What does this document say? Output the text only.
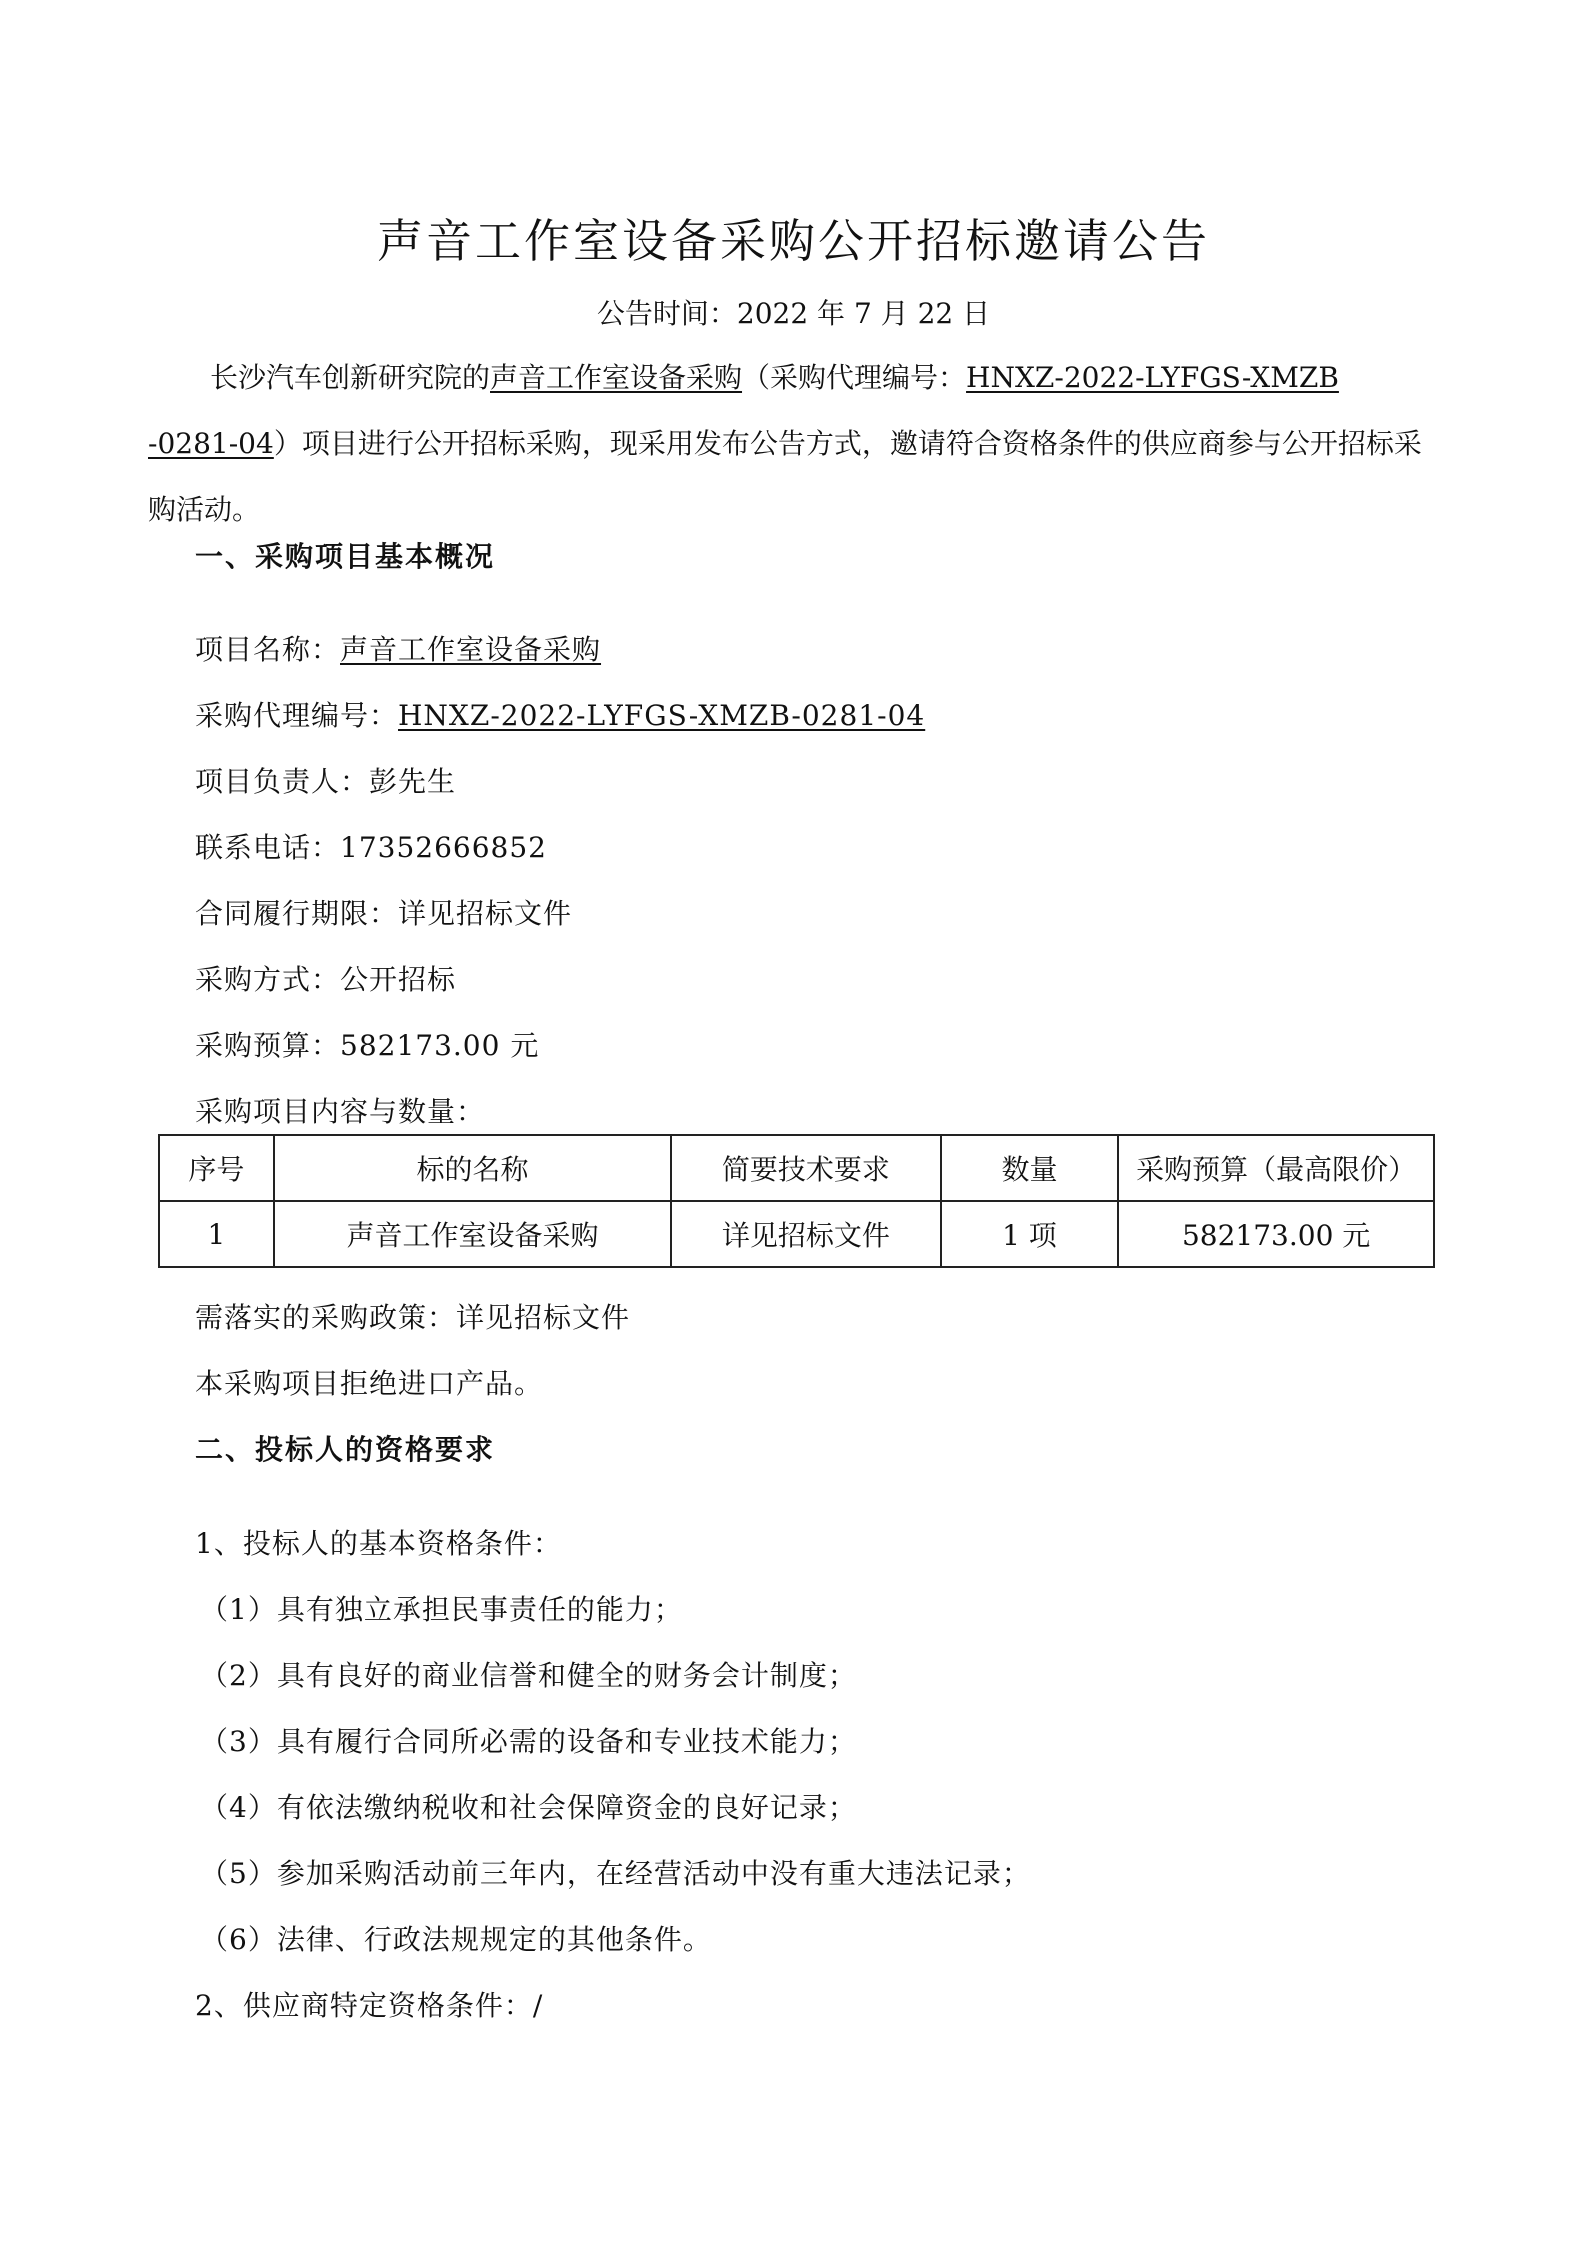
声音工作室设备采购公开招标邀请公告
公告时间：2022 年 7 月 22 日
长沙汽车创新研究院的声音工作室设备采购（采购代理编号：HNXZ-2022-LYFGS-XMZB
-0281-04）项目进行公开招标采购，现采用发布公告方式，邀请符合资格条件的供应商参与公开招标采购活动。
一、采购项目基本概况
项目名称：声音工作室设备采购
采购代理编号：HNXZ-2022-LYFGS-XMZB-0281-04
项目负责人：彭先生
联系电话：17352666852
合同履行期限：详见招标文件
采购方式：公开招标
采购预算：582173.00 元
采购项目内容与数量：
序号	标的名称	简要技术要求	数量	采购预算（最高限价）
1	声音工作室设备采购	详见招标文件	1 项	582173.00 元
需落实的采购政策：详见招标文件
本采购项目拒绝进口产品。
二、投标人的资格要求
1、投标人的基本资格条件：
（1）具有独立承担民事责任的能力；
（2）具有良好的商业信誉和健全的财务会计制度；
（3）具有履行合同所必需的设备和专业技术能力；
（4）有依法缴纳税收和社会保障资金的良好记录；
（5）参加采购活动前三年内，在经营活动中没有重大违法记录；
（6）法律、行政法规规定的其他条件。
2、供应商特定资格条件：/
